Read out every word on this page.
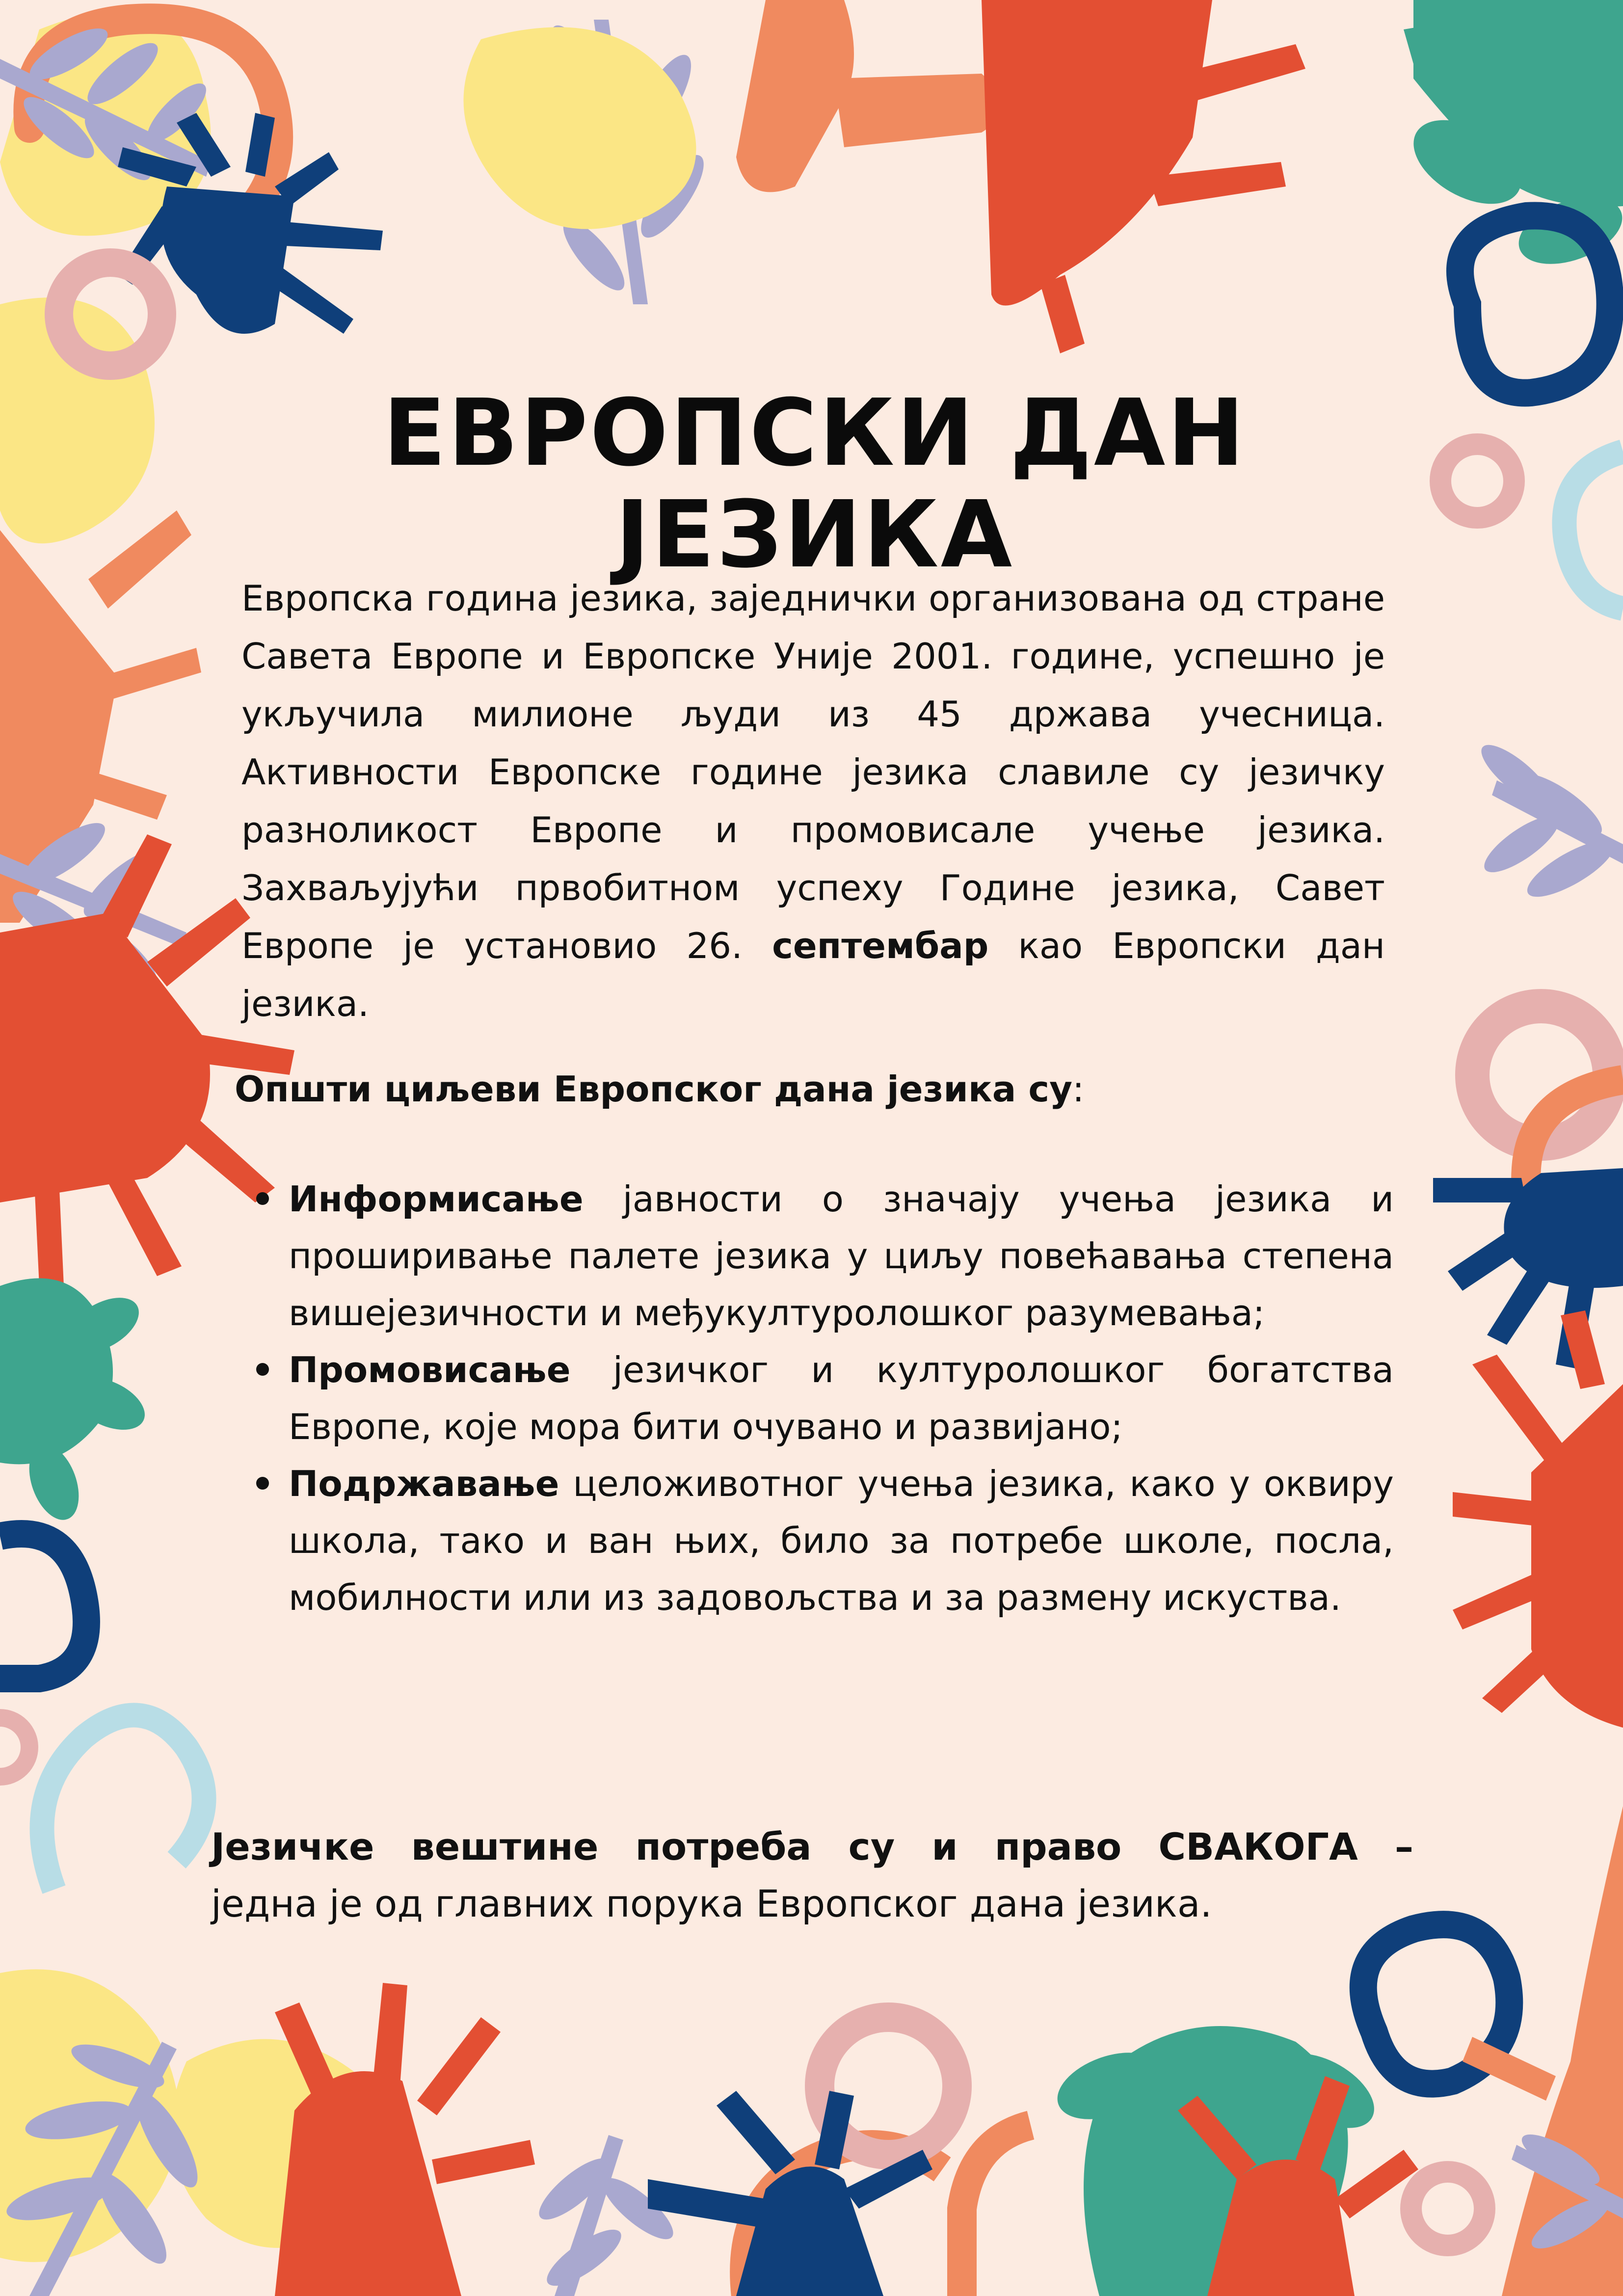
ЕВРОПСКИ ДАН ЈЕЗИКА

Европска година језика, заједнички организована од стране Савета Европе и Европске Уније 2001. године, успешно је укључила милионе људи из 45 држава учесница. Активности Европске године језика славиле су језичку разноликост Европе и промовисале учење језика. Захваљујући првобитном успеху Године језика, Савет Европе је установио 26. септембар као Европски дан језика.

Општи циљеви Европског дана језика су:

Информисање јавности о значају учења језика и проширивање палете језика у циљу повећавања степена вишејезичности и међукултуролошког разумевања;
Промовисање језичког и културолошког богатства Европе, које мора бити очувано и развијано;
Подржавање целоживотног учења језика, како у оквиру школа, тако и ван њих, било за потребе школе, посла, мобилности или из задовољства и за размену искуства.

Језичке вештине потреба су и право СВАКОГА –
једна је од главних порука Европског дана језика.
